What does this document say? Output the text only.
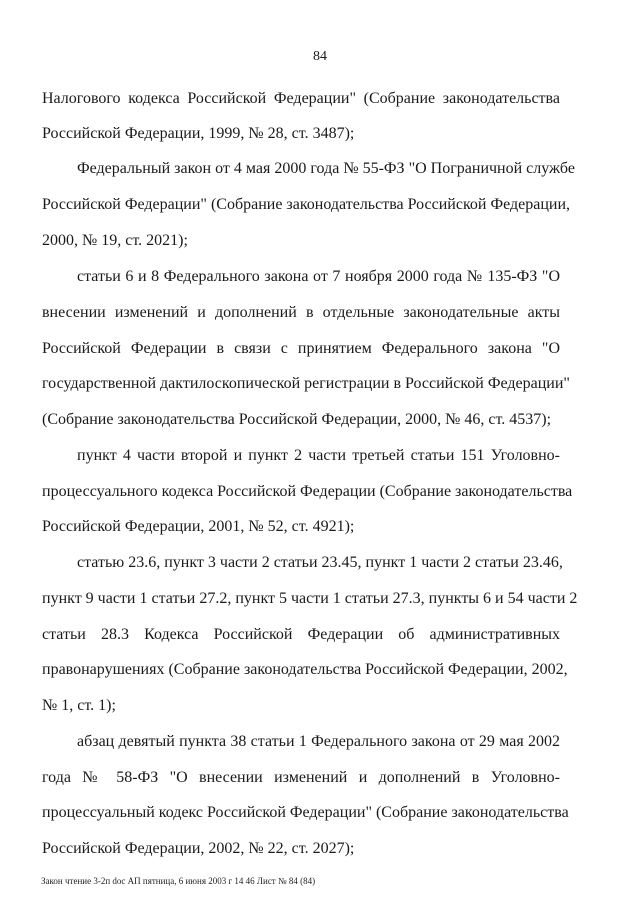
84
Налогового кодекса Российской Федерации" (Собрание законодательства
Российской Федерации, 1999, № 28, ст. 3487);
Федеральный закон от 4 мая 2000 года № 55-ФЗ "О Пограничной службе
Российской Федерации" (Собрание законодательства Российской Федерации,
2000, № 19, ст. 2021);
статьи 6 и 8 Федерального закона от 7 ноября 2000 года № 135-ФЗ "О
внесении изменений и дополнений в отдельные законодательные акты
Российской Федерации в связи с принятием Федерального закона "О
государственной дактилоскопической регистрации в Российской Федерации"
(Собрание законодательства Российской Федерации, 2000, № 46, ст. 4537);
пункт 4 части второй и пункт 2 части третьей статьи 151 Уголовно-
процессуального кодекса Российской Федерации (Собрание законодательства
Российской Федерации, 2001, № 52, ст. 4921);
статью 23.6, пункт 3 части 2 статьи 23.45, пункт 1 части 2 статьи 23.46,
пункт 9 части 1 статьи 27.2, пункт 5 части 1 статьи 27.3, пункты 6 и 54 части 2
статьи 28.3 Кодекса Российской Федерации об административных
правонарушениях (Собрание законодательства Российской Федерации, 2002,
№ 1, ст. 1);
абзац девятый пункта 38 статьи 1 Федерального закона от 29 мая 2002
года № 58-ФЗ "О внесении изменений и дополнений в Уголовно-
процессуальный кодекс Российской Федерации" (Собрание законодательства
Российской Федерации, 2002, № 22, ст. 2027);
Закон чтение 3-2п doc АП пятница, 6 июня 2003 г 14 46 Лист № 84 (84)
